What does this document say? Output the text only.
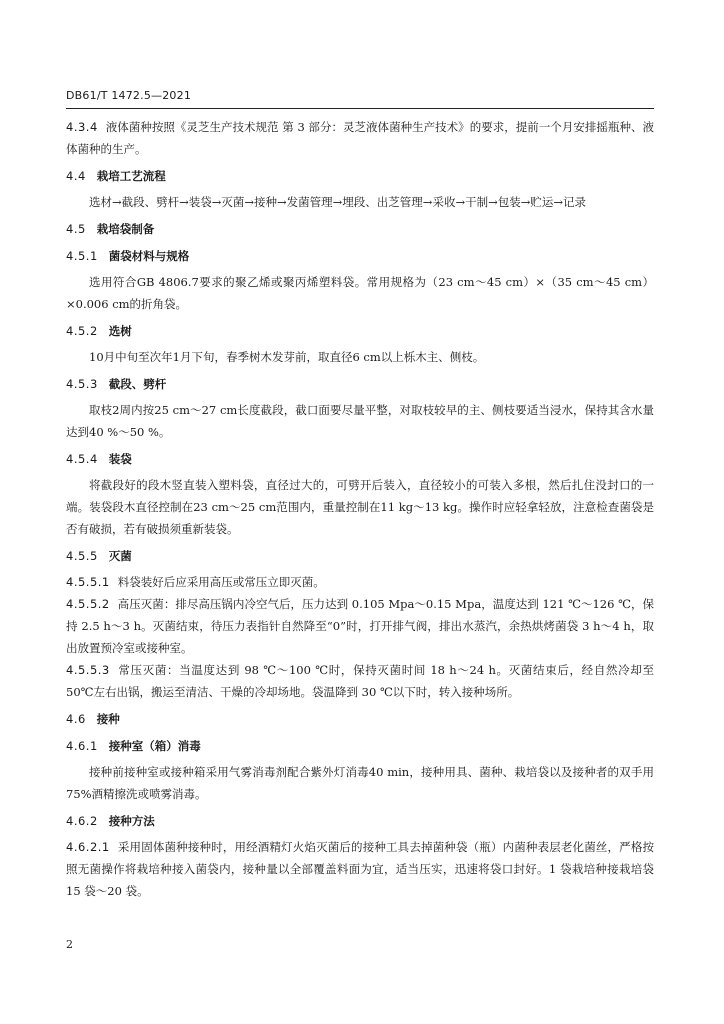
DB61/T 1472.5—2021

4.3.4 液体菌种按照《灵芝生产技术规范 第 3 部分：灵芝液体菌种生产技术》的要求，提前一个月安排摇瓶种、液体菌种的生产。

4.4 栽培工艺流程

选材→截段、劈杆→装袋→灭菌→接种→发菌管理→埋段、出芝管理→采收→干制→包装→贮运→记录

4.5 栽培袋制备
4.5.1 菌袋材料与规格

选用符合GB 4806.7要求的聚乙烯或聚丙烯塑料袋。常用规格为（23 cm～45 cm）×（35 cm～45 cm）×0.006 cm的折角袋。

4.5.2 选树

10月中旬至次年1月下旬，春季树木发芽前，取直径6 cm以上栎木主、侧枝。

4.5.3 截段、劈杆

取枝2周内按25 cm～27 cm长度截段，截口面要尽量平整，对取枝较早的主、侧枝要适当浸水，保持其含水量达到40 %～50 %。

4.5.4 装袋

将截段好的段木竖直装入塑料袋，直径过大的，可劈开后装入，直径较小的可装入多根，然后扎住没封口的一端。装袋段木直径控制在23 cm～25 cm范围内，重量控制在11 kg～13 kg。操作时应轻拿轻放，注意检查菌袋是否有破损，若有破损须重新装袋。

4.5.5 灭菌

4.5.5.1 料袋装好后应采用高压或常压立即灭菌。

4.5.5.2 高压灭菌：排尽高压锅内冷空气后，压力达到 0.105 Mpa～0.15 Mpa，温度达到 121 ℃～126 ℃，保持 2.5 h～3 h。灭菌结束，待压力表指针自然降至“0”时，打开排气阀，排出水蒸汽，余热烘烤菌袋 3 h～4 h，取出放置预冷室或接种室。

4.5.5.3 常压灭菌：当温度达到 98 ℃～100 ℃时，保持灭菌时间 18 h～24 h。灭菌结束后，经自然冷却至 50℃左右出锅，搬运至清洁、干燥的冷却场地。袋温降到 30 ℃以下时，转入接种场所。

4.6 接种
4.6.1 接种室（箱）消毒

接种前接种室或接种箱采用气雾消毒剂配合紫外灯消毒40 min，接种用具、菌种、栽培袋以及接种者的双手用75%酒精擦洗或喷雾消毒。

4.6.2 接种方法

4.6.2.1 采用固体菌种接种时，用经酒精灯火焰灭菌后的接种工具去掉菌种袋（瓶）内菌种表层老化菌丝，严格按照无菌操作将栽培种接入菌袋内，接种量以全部覆盖料面为宜，适当压实，迅速将袋口封好。1 袋栽培种接栽培袋 15 袋～20 袋。

2
